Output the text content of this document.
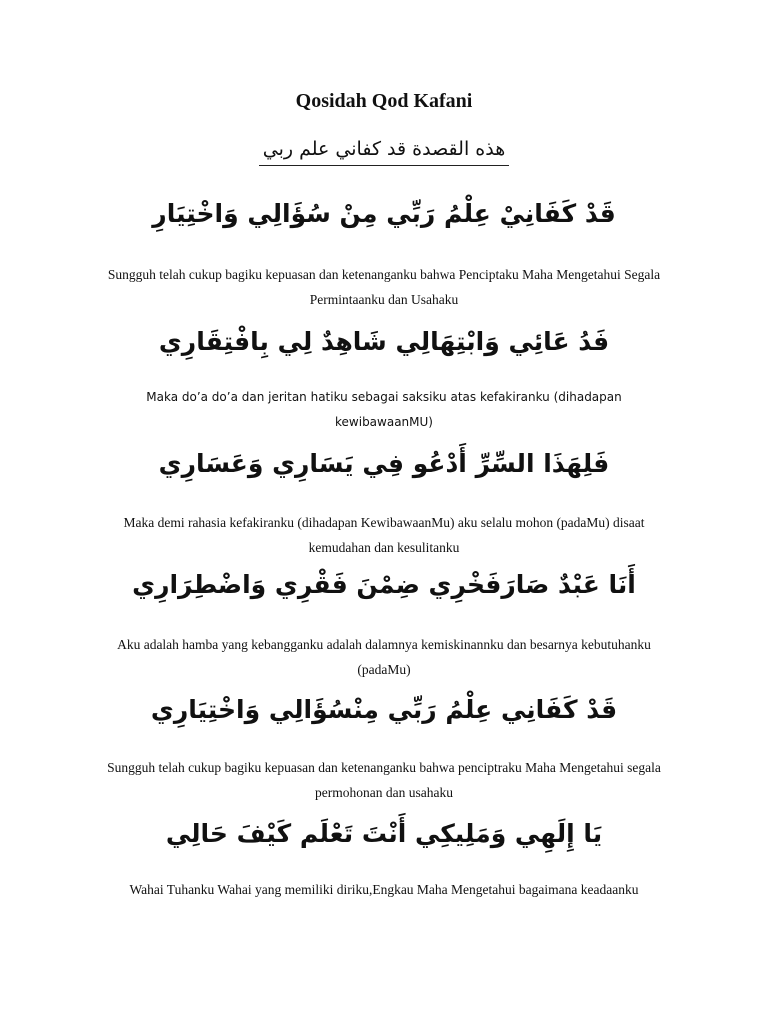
Qosidah Qod Kafani
هذه القصدة قد كفاني علم ربي
قَدْ كَفَانِيْ عِلْمُ رَبِّي مِنْ سُؤَالِي وَاخْتِيَارِ
Sungguh telah cukup bagiku kepuasan dan ketenanganku bahwa Penciptaku Maha Mengetahui Segala Permintaanku dan Usahaku
فَدُ عَائِي وَابْتِهَالِي شَاهِدٌ لِي بِافْتِقَارِي
Maka do’a do’a dan jeritan hatiku sebagai saksiku atas kefakiranku (dihadapan kewibawaanMU)
فَلِهَذَا السِّرِّ أَدْعُو فِي يَسَارِي وَعَسَارِي
Maka demi rahasia kefakiranku (dihadapan KewibawaanMu) aku selalu mohon (padaMu) disaat kemudahan dan kesulitanku
أَنَا عَبْدٌ صَارَفَخْرِي ضِمْنَ فَقْرِي وَاضْطِرَارِي
Aku adalah hamba yang kebangganku adalah dalamnya kemiskinannku dan besarnya kebutuhanku (padaMu)
قَدْ كَفَانِي عِلْمُ رَبِّي مِنْسُؤَالِي وَاخْتِيَارِي
Sungguh telah cukup bagiku kepuasan dan ketenanganku bahwa penciptraku Maha Mengetahui segala permohonan dan usahaku
يَا إِلَهِي وَمَلِيكِي أَنْتَ تَعْلَم كَيْفَ حَالِي
Wahai Tuhanku Wahai yang memiliki diriku,Engkau Maha Mengetahui bagaimana keadaanku
